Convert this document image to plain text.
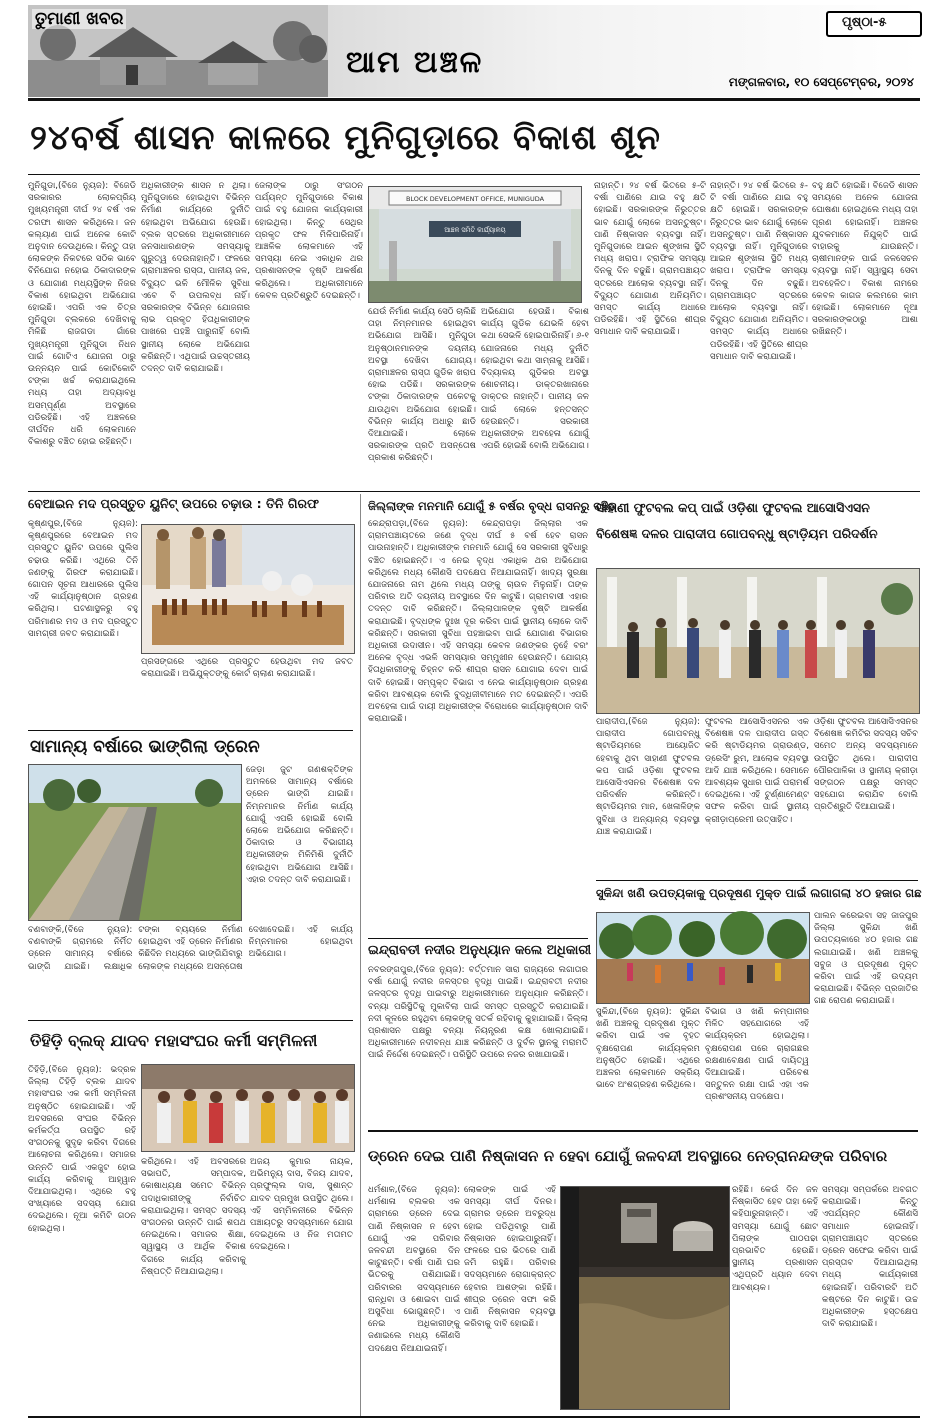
ତୁମାଣୀ ଖବର
ଆମ ଅଞ୍ଚଳ
ପୃଷ୍ଠା-୫
ମଙ୍ଗଳବାର, ୧୦ ସେପ୍ଟେମ୍ବର, ୨୦୨୪
୨୪ବର୍ଷ ଶାସନ କାଳରେ ମୁନିଗୁଡ଼ାରେ ବିକାଶ ଶୂନ
ମୁନିଗୁଡା,(ବିଜେ ନ୍ୟୁଜ): ବିଜେଡି ସରକାରର ଲୋକପ୍ରିୟ ମୁଖ୍ୟମନ୍ତ୍ରୀ ଦୀର୍ଘ ୨୪ ବର୍ଷ ଏକ ତରଫା ଶାସନ କରିଥିଲେ। ଜନ କଲ୍ୟାଣ ପାଇଁ ଅନେକ କୋଟି ଅନୁଦାନ ଦେଉଥିଲେ। କିନ୍ତୁ ତାହା ଲୋକଙ୍କ ନିକଟରେ ସଠିକ ଭାବେ ବିନିଯୋଗ ନହୋଇ ଠିକାଦାରଙ୍କ ଓ ଯୋଗାଣ ମଧ୍ୟସ୍ଥିଙ୍କ ନିଜର ବିକାଶ ହୋଇଥିବା ଅଭିଯୋଗ ହୋଇଛି। ଏପରି ଏକ ଚିତ୍ର ମୁନିଗୁଡା ବ୍ଲକରେ ଦେଖିବାକୁ ମିଳିଛି ରାଜଗଡା ଗାଁରେ ମୁଖ୍ୟମନ୍ତ୍ରୀ ମୁନିଗୁଡା ନିଧନ ପାଇଁ ଗୋଟିଏ ଯୋଜନା ଠାରୁ ଉନ୍ନୟନ ପାଇଁ କୋଟିକୋଟି ଟଙ୍କା ଖର୍ଚ୍ଚ କରାଯାଇଥିଲେ ମଧ୍ୟ ତାହା ଅଦ୍ୟାବଧି ଅସମ୍ପୂର୍ଣ୍ଣ ଅବସ୍ଥାରେ ପଡିରହିଛି। ଏହି ଅଞ୍ଚଳରେ ଦୀର୍ଘଦିନ ଧରି ଲୋକମାନେ ବିକାଶରୁ ବଞ୍ଚିତ ହୋଇ ରହିଛନ୍ତି।
ଅଧିକାରୀଙ୍କ ଶାସନ ନ ଥିଲା। ମୁନିଗୁଡାରେ ହୋଇଥିବା ବିଭିନ୍ନ ନିର୍ମାଣ କାର୍ଯ୍ୟରେ ଦୁର୍ନୀତି ହୋଇଥିବା ଅଭିଯୋଗ ହେଉଛି। ବ୍ଲକ ସ୍ତରରେ ଅଧିକାରୀମାନେ ଜନସାଧାରଣଙ୍କ ସମସ୍ୟାକୁ ଗୁରୁତ୍ୱ ଦେଉନାହାନ୍ତି। ଫଳରେ ଗ୍ରାମାଞ୍ଚଳର ରାସ୍ତା, ପାନୀୟ ଜଳ, ବିଦ୍ୟୁତ ଭଳି ମୌଳିକ ସୁବିଧା ଏବେ ବି ଉପଲବ୍ଧ ନାହିଁ। ସରକାରଙ୍କ ବିଭିନ୍ନ ଯୋଜନାର ଲାଭ ପ୍ରକୃତ ହିତାଧିକାରୀଙ୍କ ପାଖରେ ପହଞ୍ଚି ପାରୁନାହିଁ ବୋଲି ସ୍ଥାନୀୟ ଲୋକେ ଅଭିଯୋଗ କରିଛନ୍ତି। ଏଥିପାଇଁ ଉଚ୍ଚସ୍ତରୀୟ ତଦନ୍ତ ଦାବି କରାଯାଇଛି।
ଜେଲାଙ୍କ ଠାରୁ ସଂଗଠନ ପର୍ଯ୍ୟନ୍ତ ମୁନିଗୁଡାରେ ବିକାଶ ପାଇଁ ବହୁ ଯୋଜନା କାର୍ଯ୍ୟକାରୀ ହୋଇଥିଲା। କିନ୍ତୁ ସେଥିର ପ୍ରକୃତ ଫଳ ମିଳିପାରିନାହିଁ। ଆଞ୍ଚଳିକ ଲୋକମାନେ ଏହି ସମସ୍ୟା ନେଇ ଏକାଧିକ ଥର ପ୍ରଶାସନଙ୍କ ଦୃଷ୍ଟି ଆକର୍ଷଣ କରିଥିଲେ। ଅଧିକାରୀମାନେ କେବଳ ପ୍ରତିଶ୍ରୁତି ଦେଇଛନ୍ତି।
BLOCK DEVELOPMENT OFFICE, MUNIGUDA
ଆଞ୍ଚଳ ସମିତି କାର୍ଯ୍ୟାଳୟ
ଯେଉଁ ନିର୍ମାଣ କାର୍ଯ୍ୟ ସେଠି ଚାଲିଛି ତାହା ନିମ୍ନମାନର ହୋଇଥିବା ଅଭିଯୋଗ ଆସିଛି। ମୁନିଗୁଡା ଅନୁଷ୍ଠାନମାନଙ୍କ ଦୟନୀୟ ଅବସ୍ଥା ଦେଖିବା ଯୋଗ୍ୟ। ଗ୍ରାମାଞ୍ଚଳର ରାସ୍ତା ଗୁଡିକ ଖରାପ ହୋଇ ପଡିଛି। ସରକାରଙ୍କ ଟଙ୍କା ଠିକାଦାରଙ୍କ ପକେଟକୁ ଯାଉଥିବା ଅଭିଯୋଗ ହୋଇଛି। ବିଭିନ୍ନ କାର୍ଯ୍ୟ ଅଧାରୁ ଛାଡି ଦିଆଯାଇଛି। ଲୋକେ ସରକାରଙ୍କ ପ୍ରତି ଅସନ୍ତୋଷ ପ୍ରକାଶ କରିଛନ୍ତି।
ଅଭିଯୋଗ ହେଉଛି। ବିକାଶ କାର୍ଯ୍ୟ ଗୁଡିକ ଯେଭଳି ହେବା କଥା ସେଭଳି ହୋଇପାରିନାହିଁ। ୬-୧ ଯୋଜନାରେ ମଧ୍ୟ ଦୁର୍ନୀତି ହୋଇଥିବା କଥା ସାମ୍ନାକୁ ଆସିଛି। ବିଦ୍ୟାଳୟ ଗୁଡିକର ଅବସ୍ଥା ଶୋଚନୀୟ। ଡାକ୍ତରଖାନାରେ ଡାକ୍ତର ନାହାନ୍ତି। ପାନୀୟ ଜଳ ପାଇଁ ଲୋକେ ହନ୍ତସନ୍ତ ହେଉଛନ୍ତି। ସରକାରୀ ଅଧିକାରୀଙ୍କ ଅବହେଳା ଯୋଗୁଁ ଏପରି ହୋଇଛି ବୋଲି ଅଭିଯୋଗ।
ନାହାନ୍ତି। ୨୪ ବର୍ଷ ଭିତରେ ୫-ଟି ବର୍ଷା ପାଣିରେ ଯାଇ ବହୁ କ୍ଷତି ହୋଇଛି। ସରକାରଙ୍କ ନିରୁତ୍ତର ଭାବ ଯୋଗୁଁ ଲୋକେ ଅସନ୍ତୁଷ୍ଟ। ପାଣି ନିଷ୍କାସନ ବ୍ୟବସ୍ଥା ନାହିଁ। ମୁନିଗୁଡାରେ ଆଇନ ଶୃଙ୍ଖଳା ସ୍ଥିତି ମଧ୍ୟ ଖରାପ। ଟ୍ରାଫିକ ସମସ୍ୟା ଦିନକୁ ଦିନ ବଢୁଛି। ଗ୍ରାମପଞ୍ଚାୟତ ସ୍ତରରେ ଆଲୋକ ବ୍ୟବସ୍ଥା ନାହିଁ। ବିଦ୍ୟୁତ ଯୋଗାଣ ଅନିୟମିତ। ସମସ୍ତ କାର୍ଯ୍ୟ ଅଧାରେ ପଡିରହିଛି। ଏହି ସ୍ଥିତିରେ ଶୀଘ୍ର ସମାଧାନ ଦାବି କରାଯାଇଛି।
ବହୁ କ୍ଷତି ହୋଇଛି। ବିଜେଡି ଶାସନ ସମୟରେ ଅନେକ ଯୋଜନା ଘୋଷଣା ହୋଇଥିଲେ ମଧ୍ୟ ତାହା ପୂରଣ ହୋଇନାହିଁ। ଅଞ୍ଚଳର ଯୁବକମାନେ ନିଯୁକ୍ତି ପାଇଁ ବାହାରକୁ ଯାଉଛନ୍ତି। ଚାଷୀମାନଙ୍କ ପାଇଁ ଜଳସେଚନ ବ୍ୟବସ୍ଥା ନାହିଁ। ସ୍ୱାସ୍ଥ୍ୟ ସେବା ଅବହେଳିତ। ବିକାଶ ନାମରେ କେବଳ କାଗଜ କଲମରେ କାମ ହୋଇଛି। ଲୋକମାନେ ନୂଆ ସରକାରଙ୍କଠାରୁ ଆଶା ରଖିଛନ୍ତି।
ନାହାନ୍ତି। ୨୪ ବର୍ଷ ଭିତରେ ୫-ଟି ବର୍ଷା ପାଣିରେ ଯାଇ ବହୁ କ୍ଷତି ହୋଇଛି। ସରକାରଙ୍କ ନିରୁତ୍ତର ଭାବ ଯୋଗୁଁ ଲୋକେ ଅସନ୍ତୁଷ୍ଟ। ପାଣି ନିଷ୍କାସନ ବ୍ୟବସ୍ଥା ନାହିଁ। ମୁନିଗୁଡାରେ ଆଇନ ଶୃଙ୍ଖଳା ସ୍ଥିତି ମଧ୍ୟ ଖରାପ। ଟ୍ରାଫିକ ସମସ୍ୟା ଦିନକୁ ଦିନ ବଢୁଛି। ଗ୍ରାମପଞ୍ଚାୟତ ସ୍ତରରେ ଆଲୋକ ବ୍ୟବସ୍ଥା ନାହିଁ। ବିଦ୍ୟୁତ ଯୋଗାଣ ଅନିୟମିତ। ସମସ୍ତ କାର୍ଯ୍ୟ ଅଧାରେ ପଡିରହିଛି। ଏହି ସ୍ଥିତିରେ ଶୀଘ୍ର ସମାଧାନ ଦାବି କରାଯାଇଛି।
ବେଆଇନ ମଦ ପ୍ରସ୍ତୁତ ୟୁନିଟ୍ ଉପରେ ଚଢ଼ାଉ : ତିନି ଗିରଫ
କୃଷ୍ଣପୁର,(ବିଜେ ନ୍ୟୁଜ): କୃଷ୍ଣପୁରରେ ବେଆଇନ ମଦ ପ୍ରସ୍ତୁତ ୟୁନିଟ ଉପରେ ପୁଲିସ ଚଢାଉ କରିଛି। ଏଥିରେ ତିନି ଜଣଙ୍କୁ ଗିରଫ କରାଯାଇଛି। ଗୋପନ ସୂଚନା ଆଧାରରେ ପୁଲିସ ଏହି କାର୍ଯ୍ୟାନୁଷ୍ଠାନ ଗ୍ରହଣ କରିଥିଲା। ଘଟଣାସ୍ଥଳରୁ ବହୁ ପରିମାଣର ମଦ ଓ ମଦ ପ୍ରସ୍ତୁତ ସାମଗ୍ରୀ ଜବତ କରାଯାଇଛି।
ପ୍ରସଙ୍ଗରେ ଏଥିରେ ପ୍ରସ୍ତୁତ ହେଉଥିବା ମଦ ଜବତ କରାଯାଇଛି। ଅଭିଯୁକ୍ତଙ୍କୁ କୋର୍ଟ ଚାଲାଣ କରାଯାଇଛି।
ସାମାନ୍ୟ ବର୍ଷାରେ ଭାଙ୍ଗିଲା ଡ୍ରେନ
ଜେଡ଼ା ଜୁଟ ଗଣଶକ୍ତିଙ୍କ ଅମଳରେ ସାମାନ୍ୟ ବର୍ଷାରେ ଡ୍ରେନ ଭାଙ୍ଗି ଯାଇଛି। ନିମ୍ନମାନର ନିର୍ମାଣ କାର୍ଯ୍ୟ ଯୋଗୁଁ ଏପରି ହୋଇଛି ବୋଲି ଲୋକେ ଅଭିଯୋଗ କରିଛନ୍ତି। ଠିକାଦାର ଓ ବିଭାଗୀୟ ଅଧିକାରୀଙ୍କ ମିଳିମିଶି ଦୁର୍ନୀତି ହୋଇଥିବା ଅଭିଯୋଗ ଆସିଛି। ଏହାର ତଦନ୍ତ ଦାବି କରାଯାଇଛି।
ବଣବାଙ୍କି,(ବିଜେ ନ୍ୟୁଜ): ବଣବାଙ୍କି ଗ୍ରାମରେ ନିର୍ମିତ ଡ୍ରେନ ସାମାନ୍ୟ ବର୍ଷାରେ ଭାଙ୍ଗି ଯାଇଛି। ଲକ୍ଷାଧିକ ଟଙ୍କା ବ୍ୟୟରେ ନିର୍ମାଣ ହୋଇଥିବା ଏହି ଡ୍ରେନ ନିର୍ମାଣର କିଛିଦିନ ମଧ୍ୟରେ ଭାଙ୍ଗିଯିବାରୁ ଲୋକଙ୍କ ମଧ୍ୟରେ ଅସନ୍ତୋଷ ଦେଖାଦେଇଛି। ଏହି କାର୍ଯ୍ୟ ନିମ୍ନମାନର ହୋଇଥିବା ଅଭିଯୋଗ।
ତିହିଡ଼ି ବ୍ଲକ୍ ଯାଦବ ମହାସଂଘର କର୍ମୀ ସମ୍ମିଳନୀ
ତିହିଡ଼ି,(ବିଜେ ନ୍ୟୁଜ): ଭଦ୍ରକ ଜିଲ୍ଲା ତିହିଡ଼ି ବ୍ଲକ ଯାଦବ ମହାସଂଘର ଏକ କର୍ମୀ ସମ୍ମିଳନୀ ଅନୁଷ୍ଠିତ ହୋଇଯାଇଛି। ଏହି ଅବସରରେ ସଂଘର ବିଭିନ୍ନ କର୍ମକର୍ତ୍ତା ଉପସ୍ଥିତ ରହି ସଂଗଠନକୁ ସୁଦୃଢ କରିବା ଦିଗରେ ଆଲୋଚନା କରିଥିଲେ। ସମାଜର ଉନ୍ନତି ପାଇଁ ଏକଜୁଟ ହୋଇ କାର୍ଯ୍ୟ କରିବାକୁ ଆହ୍ୱାନ ଦିଆଯାଇଥିଲା। ଏଥିରେ ବହୁ ସଂଖ୍ୟାରେ ସଦସ୍ୟ ଯୋଗ ଦେଇଥିଲେ। ନୂଆ କମିଟି ଗଠନ ହୋଇଥିଲା।
କରିଥିଲେ। ଏହି ଅବସରରେ ସଭାପତି, ସମ୍ପାଦକ, କୋଷାଧ୍ୟକ୍ଷ ସମେତ ବିଭିନ୍ନ ପଦାଧିକାରୀଙ୍କୁ ନିର୍ବାଚିତ କରାଯାଇଥିଲା। ସମସ୍ତ ସଦସ୍ୟ ସଂଗଠନର ଉନ୍ନତି ପାଇଁ ଶପଥ ନେଇଥିଲେ। ସମାଜର ଶିକ୍ଷା, ସ୍ୱାସ୍ଥ୍ୟ ଓ ଆର୍ଥିକ ବିକାଶ ଦିଗରେ କାର୍ଯ୍ୟ କରିବାକୁ ନିଷ୍ପତ୍ତି ନିଆଯାଇଥିଲା।
ଅଜୟ କୁମାର ନାୟକ, ଅଭିମନ୍ୟୁ ଦାସ, ବିଜୟ ଯାଦବ, ପ୍ରଫୁଲ୍ଲ ଦାସ, ସୁଶାନ୍ତ ଯାଦବ ପ୍ରମୁଖ ଉପସ୍ଥିତ ଥିଲେ। ଏହି ସମ୍ମିଳନୀରେ ବିଭିନ୍ନ ପଞ୍ଚାୟତରୁ ସଦସ୍ୟମାନେ ଯୋଗ ଦେଇଥିଲେ ଓ ନିଜ ମତାମତ ଦେଇଥିଲେ।
ଜିଲ୍ଲାଙ୍କ ମନମାନି ଯୋଗୁଁ ୫ ବର୍ଷର ବୃଦ୍ଧ ରାସନରୁ ବଞ୍ଚିତ
କେନ୍ଦ୍ରାପଡ଼ା,(ବିଜେ ନ୍ୟୁଜ): କେନ୍ଦ୍ରାପଡ଼ା ଜିଲ୍ଲାର ଏକ ଗ୍ରାମପଞ୍ଚାୟତରେ ଜଣେ ବୃଦ୍ଧ ଦୀର୍ଘ ୫ ବର୍ଷ ହେବ ରାସନ ପାଉନାହାନ୍ତି। ଅଧିକାରୀଙ୍କ ମନମାନି ଯୋଗୁଁ ସେ ସରକାରୀ ସୁବିଧାରୁ ବଞ୍ଚିତ ହୋଇଛନ୍ତି। ଏ ନେଇ ବୃଦ୍ଧ ଏକାଧିକ ଥର ଅଭିଯୋଗ କରିଥିଲେ ମଧ୍ୟ କୌଣସି ପଦକ୍ଷେପ ନିଆଯାଇନାହିଁ। ଖାଦ୍ୟ ସୁରକ୍ଷା ଯୋଜନାରେ ନାମ ଥିଲେ ମଧ୍ୟ ତାଙ୍କୁ ଚାଉଳ ମିଳୁନାହିଁ। ତାଙ୍କ ପରିବାର ଅତି ଦୟନୀୟ ଅବସ୍ଥାରେ ଦିନ କାଟୁଛି। ଗ୍ରାମବାସୀ ଏହାର ତଦନ୍ତ ଦାବି କରିଛନ୍ତି। ଜିଲ୍ଲାପାଳଙ୍କ ଦୃଷ୍ଟି ଆକର୍ଷଣ କରାଯାଇଛି। ବୃଦ୍ଧଙ୍କ ଦୁଃଖ ଦୂର କରିବା ପାଇଁ ସ୍ଥାନୀୟ ଲୋକେ ଦାବି କରିଛନ୍ତି। ସରକାରୀ ସୁବିଧା ପହଞ୍ଚାଇବା ପାଇଁ ଯୋଗାଣ ବିଭାଗର ଅଧିକାରୀ ଉଦାସୀନ। ଏହି ସମସ୍ୟା କେବଳ ଜଣଙ୍କର ନୁହେଁ ବରଂ ଅନେକ ବୃଦ୍ଧ ଏଭଳି ସମସ୍ୟାର ସମ୍ମୁଖୀନ ହେଉଛନ୍ତି। ଯୋଗ୍ୟ ହିତାଧିକାରୀଙ୍କୁ ଚିହ୍ନଟ କରି ଶୀଘ୍ର ରାସନ ଯୋଗାଇ ଦେବା ପାଇଁ ଦାବି ହୋଇଛି। ସମ୍ପୃକ୍ତ ବିଭାଗ ଏ ନେଇ କାର୍ଯ୍ୟାନୁଷ୍ଠାନ ଗ୍ରହଣ କରିବା ଆବଶ୍ୟକ ବୋଲି ବୁଦ୍ଧିଜୀବୀମାନେ ମତ ଦେଇଛନ୍ତି। ଏପରି ଅବହେଳା ପାଇଁ ଦାୟୀ ଅଧିକାରୀଙ୍କ ବିରୋଧରେ କାର୍ଯ୍ୟାନୁଷ୍ଠାନ ଦାବି କରାଯାଇଛି।
ଇନ୍ଦ୍ରାବତୀ ନଦୀର ଅନୁଧ୍ୟାନ କଲେ ଅଧିକାରୀ
ନବରଙ୍ଗପୁର,(ବିଜେ ନ୍ୟୁଜ): ବର୍ତ୍ତମାନ ସାରା ରାଜ୍ୟରେ ଲଗାତାର ବର୍ଷା ଯୋଗୁଁ ନଦୀର ଜଳସ୍ତର ବୃଦ୍ଧି ପାଇଛି। ଇନ୍ଦ୍ରାବତୀ ନଦୀର ଜଳସ୍ତର ବୃଦ୍ଧି ପାଇବାରୁ ଅଧିକାରୀମାନେ ଅନୁଧ୍ୟାନ କରିଛନ୍ତି। ବନ୍ୟା ପରିସ୍ଥିତିକୁ ମୁକାବିଲା ପାଇଁ ସମସ୍ତ ପ୍ରସ୍ତୁତି କରାଯାଇଛି। ନଦୀ କୂଳରେ ରହୁଥିବା ଲୋକଙ୍କୁ ସତର୍କ ରହିବାକୁ କୁହାଯାଇଛି। ଜିଲ୍ଲା ପ୍ରଶାସନ ପକ୍ଷରୁ ବନ୍ୟା ନିୟନ୍ତ୍ରଣ କକ୍ଷ ଖୋଲାଯାଇଛି। ଅଧିକାରୀମାନେ ନଦୀବନ୍ଧ ଯାଞ୍ଚ କରିଛନ୍ତି ଓ ଦୁର୍ବଳ ସ୍ଥାନକୁ ମରାମତି ପାଇଁ ନିର୍ଦ୍ଦେଶ ଦେଇଛନ୍ତି। ପରିସ୍ଥିତି ଉପରେ ନଜର ରଖାଯାଇଛି।
ସାହାଣୀ ଫୁଟବଲ କପ୍ ପାଇଁ ଓଡ଼ିଶା ଫୁଟବଲ ଆସୋସିଏସନ
ବିଶେଷଜ୍ଞ ଦଳର ପାରାଦୀପ ଗୋପବନ୍ଧୁ ଷ୍ଟାଡ଼ିୟମ ପରିଦର୍ଶନ
ପାରାଦୀପ,(ବିଜେ ନ୍ୟୁଜ): ପାରାଦୀପ ଗୋପବନ୍ଧୁ ଷ୍ଟାଡିୟମରେ ଆୟୋଜିତ ହେବାକୁ ଥିବା ସାହାଣୀ ଫୁଟବଲ କପ ପାଇଁ ଓଡ଼ିଶା ଫୁଟବଲ ଆସୋସିଏସନର ବିଶେଷଜ୍ଞ ଦଳ ପରିଦର୍ଶନ କରିଛନ୍ତି। ଷ୍ଟାଡିୟମର ମାନ, ଖେଳାଳିଙ୍କ ସୁବିଧା ଓ ଅନ୍ୟାନ୍ୟ ବ୍ୟବସ୍ଥା ଯାଞ୍ଚ କରାଯାଇଛି।
ଫୁଟବଲ ଆସୋସିଏସନର ଏକ ବିଶେଷଜ୍ଞ ଦଳ ପାରାଦୀପ ଗସ୍ତ କରି ଷ୍ଟାଡିୟମର ଗ୍ରାଉଣ୍ଡ, ଡ୍ରେସିଂ ରୁମ, ଆଲୋକ ବ୍ୟବସ୍ଥା ଆଦି ଯାଞ୍ଚ କରିଥିଲେ। ସେମାନେ ଆବଶ୍ୟକ ସୁଧାର ପାଇଁ ପରାମର୍ଶ ଦେଇଥିଲେ। ଏହି ଟୁର୍ଣ୍ଣାମେଣ୍ଟ ସଫଳ କରିବା ପାଇଁ ସ୍ଥାନୀୟ କ୍ରୀଡ଼ାପ୍ରେମୀ ଉତ୍ସାହିତ।
ଓଡ଼ିଶା ଫୁଟବଲ ଆସୋସିଏସନର ବିଶେଷଜ୍ଞ କମିଟିର ସଦସ୍ୟ ସଚିବ ସମେତ ଅନ୍ୟ ସଦସ୍ୟମାନେ ଉପସ୍ଥିତ ଥିଲେ। ପାରାଦୀପ ପୌରପାଳିକା ଓ ସ୍ଥାନୀୟ କ୍ରୀଡ଼ା ସଙ୍ଗଠନ ପକ୍ଷରୁ ସମସ୍ତ ସହଯୋଗ କରାଯିବ ବୋଲି ପ୍ରତିଶ୍ରୁତି ଦିଆଯାଇଛି।
ସୁକିନ୍ଦା ଖଣି ଉପତ୍ୟକାକୁ ପ୍ରଦୂଷଣ ମୁକ୍ତ ପାଇଁ ଲଗାଗଲା ୪୦ ହଜାର ଗଛ
ପାଲନ କରେଇବା ସହ ଜାଜପୁର ଜିଲ୍ଲା ସୁକିନ୍ଦା ଖଣି ଉପତ୍ୟକାରେ ୪୦ ହଜାର ଗଛ ଲଗାଯାଇଛି। ଖଣି ଅଞ୍ଚଳକୁ ସବୁଜ ଓ ପ୍ରଦୂଷଣ ମୁକ୍ତ କରିବା ପାଇଁ ଏହି ଉଦ୍ୟମ କରାଯାଇଛି। ବିଭିନ୍ନ ପ୍ରଜାତିର ଗଛ ରୋପଣ କରାଯାଇଛି।
ସୁକିନ୍ଦା,(ବିଜେ ନ୍ୟୁଜ): ସୁକିନ୍ଦା ଖଣି ଅଞ୍ଚଳକୁ ପ୍ରଦୂଷଣ ମୁକ୍ତ କରିବା ପାଇଁ ଏକ ବୃହତ ବୃକ୍ଷରୋପଣ କାର୍ଯ୍ୟକ୍ରମ ଅନୁଷ୍ଠିତ ହୋଇଛି। ଏଥିରେ ଅଞ୍ଚଳର ଲୋକମାନେ ସକ୍ରିୟ ଭାବେ ଅଂଶଗ୍ରହଣ କରିଥିଲେ।
ବିଭାଗ ଓ ଖଣି କମ୍ପାନୀର ମିଳିତ ସହଯୋଗରେ ଏହି କାର୍ଯ୍ୟକ୍ରମ ହୋଇଥିଲା। ବୃକ୍ଷରୋପଣ ପରେ ଚାରାଗଛର ରକ୍ଷଣାବେକ୍ଷଣ ପାଇଁ ଦାୟିତ୍ୱ ଦିଆଯାଇଛି। ପରିବେଶ ସନ୍ତୁଳନ ରକ୍ଷା ପାଇଁ ଏହା ଏକ ପ୍ରଶଂସନୀୟ ପଦକ୍ଷେପ।
ଡ୍ରେନ ଦେଇ ପାଣି ନିଷ୍କାସନ ନ ହେବା ଯୋଗୁଁ ଜଳବନ୍ଦୀ ଅବସ୍ଥାରେ ନେତ୍ରାନନ୍ଦଙ୍କ ପରିବାର
ଧର୍ମଶାଳ,(ବିଜେ ନ୍ୟୁଜ): ଧର୍ମଶାଳା ବ୍ଲକର ଏକ ଗ୍ରାମରେ ଡ୍ରେନ ଦେଇ ପାଣି ନିଷ୍କାସନ ନ ହେବା ଯୋଗୁଁ ଏକ ପରିବାର ଜଳବନ୍ଦୀ ଅବସ୍ଥାରେ ଦିନ କାଟୁଛନ୍ତି। ବର୍ଷା ପାଣି ଘର ଭିତରକୁ ପଶିଯାଇଛି। ପରିବାରର ସଦସ୍ୟମାନେ ରାନ୍ଧିବା ଓ ଶୋଇବା ପାଇଁ ଅସୁବିଧା ଭୋଗୁଛନ୍ତି। ଏ ନେଇ ଅଧିକାରୀଙ୍କୁ ଜଣାଇଲେ ମଧ୍ୟ କୌଣସି ପଦକ୍ଷେପ ନିଆଯାଇନାହିଁ।
ଲୋକଙ୍କ ପାଇଁ ଏହି ସମସ୍ୟା ଦୀର୍ଘ ଦିନର। ଗ୍ରାମର ଡ୍ରେନ ଅବରୁଦ୍ଧ ହୋଇ ପଡିଥିବାରୁ ପାଣି ନିଷ୍କାସନ ହୋଇପାରୁନାହିଁ। ଫଳରେ ଘର ଭିତରେ ପାଣି ଜମି ରହୁଛି। ପରିବାର ସଦସ୍ୟମାନେ ରୋଗାକ୍ରାନ୍ତ ହେବାର ଆଶଙ୍କା ରହିଛି। ଶୀଘ୍ର ଡ୍ରେନ ସଫା କରି ପାଣି ନିଷ୍କାସନ ବ୍ୟବସ୍ଥା କରିବାକୁ ଦାବି ହୋଇଛି।
ରହିଛି। କେଉଁ ଦିନ ଜଳ ନିଷ୍କାସିତ ହେବ ତାହା କେହି କହିପାରୁନାହାନ୍ତି। ଏହି ସମସ୍ୟା ଯୋଗୁଁ ଛୋଟ ପିଲାଙ୍କ ପାଠପଢା ପ୍ରଭାବିତ ହେଉଛି। ସ୍ଥାନୀୟ ପ୍ରଶାସନ ଏଥିପ୍ରତି ଧ୍ୟାନ ଦେବା ଆବଶ୍ୟକ।
ସମସ୍ୟା ସମ୍ପର୍କରେ ଅବଗତ କରାଯାଇଛି। କିନ୍ତୁ ଏପର୍ଯ୍ୟନ୍ତ କୌଣସି ସମାଧାନ ହୋଇନାହିଁ। ଗ୍ରାମପଞ୍ଚାୟତ ସ୍ତରରେ ଡ୍ରେନ ସଫେଇ କରିବା ପାଇଁ ପ୍ରସ୍ତାବ ଦିଆଯାଇଥିଲା ମଧ୍ୟ କାର୍ଯ୍ୟକାରୀ ହୋଇନାହିଁ। ପରିବାରଟି ଅତି କଷ୍ଟରେ ଦିନ କାଟୁଛି। ଉଚ୍ଚ ଅଧିକାରୀଙ୍କ ହସ୍ତକ୍ଷେପ ଦାବି କରାଯାଇଛି।
